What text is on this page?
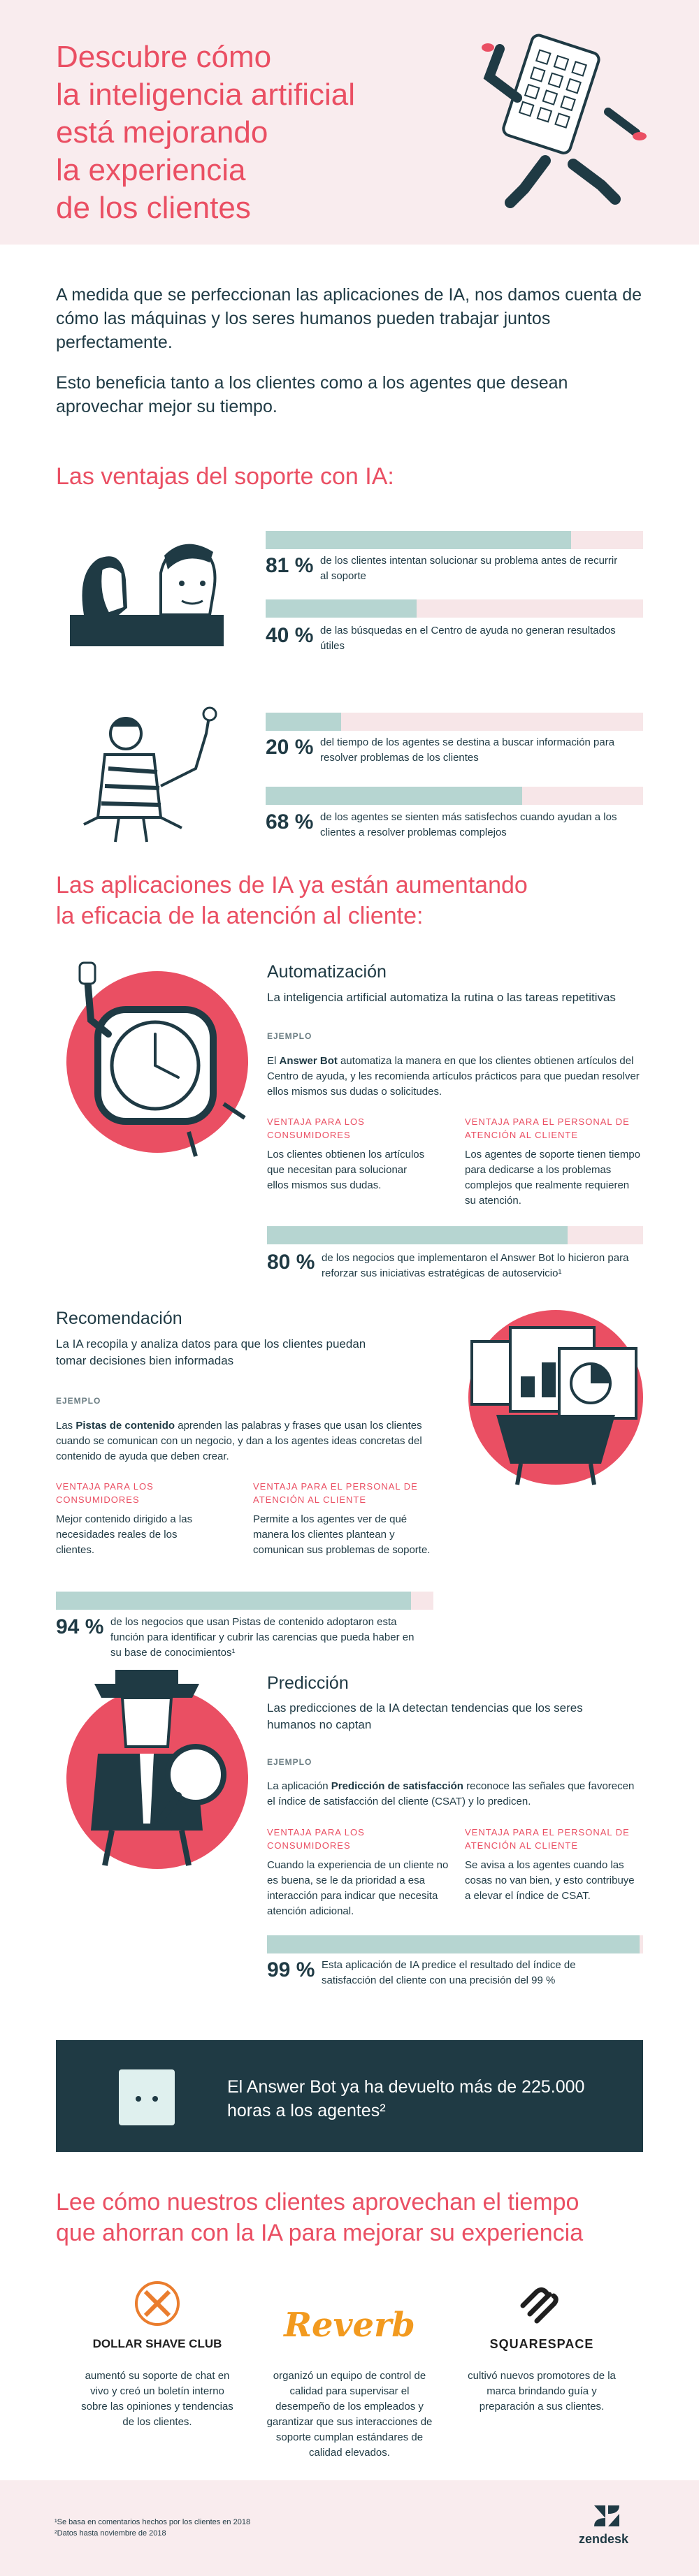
Descubre cómo
la inteligencia artificial
está mejorando
la experiencia
de los clientes

A medida que se perfeccionan las aplicaciones de IA, nos damos cuenta de cómo las máquinas y los seres humanos pueden trabajar juntos perfectamente.

Esto beneficia tanto a los clientes como a los agentes que desean aprovechar mejor su tiempo.

Las ventajas del soporte con IA:
81 % de los clientes intentan solucionar su problema antes de recurrir al soporte
40 % de las búsquedas en el Centro de ayuda no generan resultados útiles
20 % del tiempo de los agentes se destina a buscar información para resolver problemas de los clientes
68 % de los agentes se sienten más satisfechos cuando ayudan a los clientes a resolver problemas complejos
Las aplicaciones de IA ya están aumentando
la eficacia de la atención al cliente:
Automatización
La inteligencia artificial automatiza la rutina o las tareas repetitivas
EJEMPLO
El Answer Bot automatiza la manera en que los clientes obtienen artículos del Centro de ayuda, y les recomienda artículos prácticos para que puedan resolver ellos mismos sus dudas o solicitudes.
VENTAJA PARA LOS CONSUMIDORES
Los clientes obtienen los artículos que necesitan para solucionar ellos mismos sus dudas.
VENTAJA PARA EL PERSONAL DE ATENCIÓN AL CLIENTE
Los agentes de soporte tienen tiempo para dedicarse a los problemas complejos que realmente requieren su atención.
80 % de los negocios que implementaron el Answer Bot lo hicieron para reforzar sus iniciativas estratégicas de autoservicio¹
Recomendación
La IA recopila y analiza datos para que los clientes puedan tomar decisiones bien informadas
EJEMPLO
Las Pistas de contenido aprenden las palabras y frases que usan los clientes cuando se comunican con un negocio, y dan a los agentes ideas concretas del contenido de ayuda que deben crear.
VENTAJA PARA LOS CONSUMIDORES
Mejor contenido dirigido a las necesidades reales de los clientes.
VENTAJA PARA EL PERSONAL DE ATENCIÓN AL CLIENTE
Permite a los agentes ver de qué manera los clientes plantean y comunican sus problemas de soporte.
94 % de los negocios que usan Pistas de contenido adoptaron esta función para identificar y cubrir las carencias que pueda haber en su base de conocimientos¹
Predicción
Las predicciones de la IA detectan tendencias que los seres humanos no captan
EJEMPLO
La aplicación Predicción de satisfacción reconoce las señales que favorecen el índice de satisfacción del cliente (CSAT) y lo predicen.
VENTAJA PARA LOS CONSUMIDORES
Cuando la experiencia de un cliente no es buena, se le da prioridad a esa interacción para indicar que necesita atención adicional.
VENTAJA PARA EL PERSONAL DE ATENCIÓN AL CLIENTE
Se avisa a los agentes cuando las cosas no van bien, y esto contribuye a elevar el índice de CSAT.
99 % Esta aplicación de IA predice el resultado del índice de satisfacción del cliente con una precisión del 99 %
El Answer Bot ya ha devuelto más de 225.000 horas a los agentes²
Lee cómo nuestros clientes aprovechan el tiempo
que ahorran con la IA para mejorar su experiencia
DOLLAR SHAVE CLUB
aumentó su soporte de chat en vivo y creó un boletín interno sobre las opiniones y tendencias de los clientes.
Reverb
organizó un equipo de control de calidad para supervisar el desempeño de los empleados y garantizar que sus interacciones de soporte cumplan estándares de calidad elevados.
SQUARESPACE
cultivó nuevos promotores de la marca brindando guía y preparación a sus clientes.
¹Se basa en comentarios hechos por los clientes en 2018
²Datos hasta noviembre de 2018	zendesk
